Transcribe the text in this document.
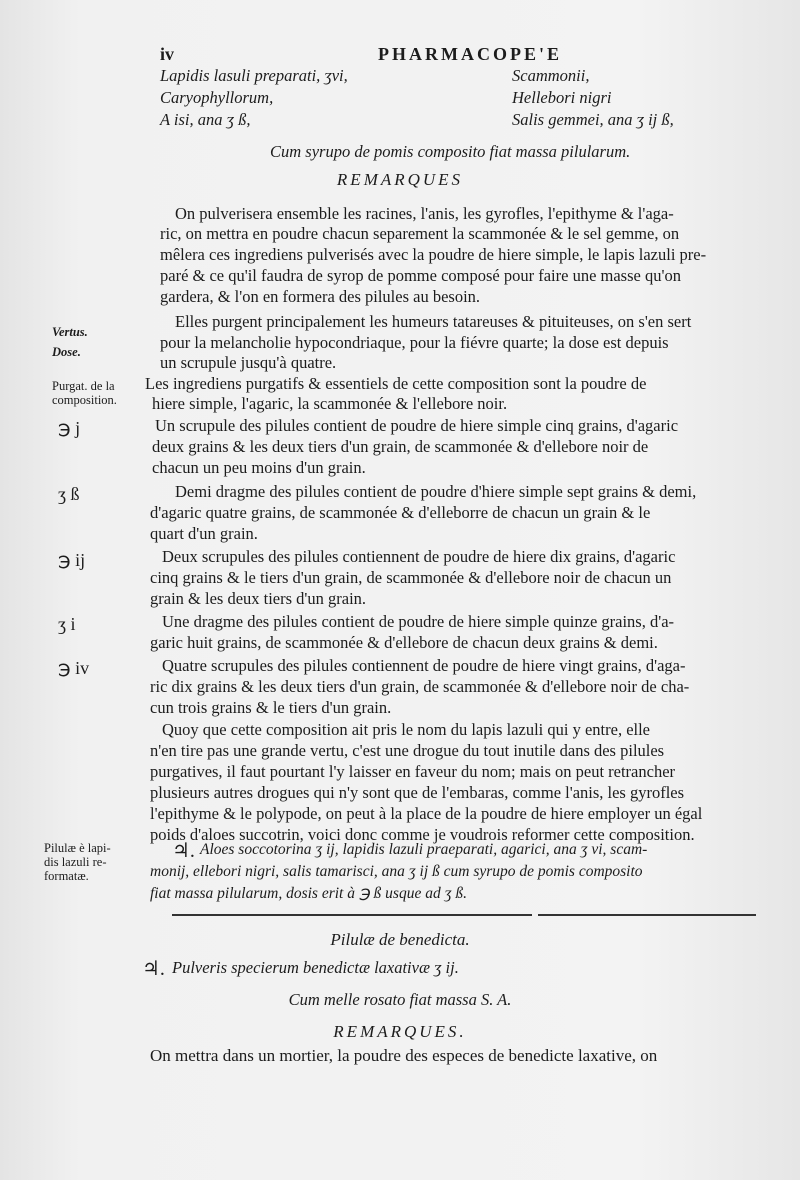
iv	PHARMACOPE'E
Lapidis lasuli preparati, ʒvi,	Scammonii,
Caryophyllorum,	Hellebori nigri
A isi, ana ʒ ß,	Salis gemmei, ana ʒ ij ß,
Cum syrupo de pomis composito fiat massa pilularum.
REMARQUES
On pulverisera ensemble les racines, l'anis, les gyrofles, l'epithyme & l'aga-
ric, on mettra en poudre chacun separement la scammonée & le sel gemme, on
mêlera ces ingrediens pulverisés avec la poudre de hiere simple, le lapis lazuli pre-
paré & ce qu'il faudra de syrop de pomme composé pour faire une masse qu'on
gardera, & l'on en formera des pilules au besoin.
Elles purgent principalement les humeurs tatareuses & pituiteuses, on s'en sert
pour la melancholie hypocondriaque, pour la fiévre quarte; la dose est depuis
un scrupule jusqu'à quatre.
Les ingrediens purgatifs & essentiels de cette composition sont la poudre de
hiere simple, l'agaric, la scammonée & l'ellebore noir.
Un scrupule des pilules contient de poudre de hiere simple cinq grains, d'agaric
deux grains & les deux tiers d'un grain, de scammonée & d'ellebore noir de
chacun un peu moins d'un grain.
Demi dragme des pilules contient de poudre d'hiere simple sept grains & demi,
d'agaric quatre grains, de scammonée & d'elleborre de chacun un grain & le
quart d'un grain.
Deux scrupules des pilules contiennent de poudre de hiere dix grains, d'agaric
cinq grains & le tiers d'un grain, de scammonée & d'ellebore noir de chacun un
grain & les deux tiers d'un grain.
Une dragme des pilules contient de poudre de hiere simple quinze grains, d'a-
garic huit grains, de scammonée & d'ellebore de chacun deux grains & demi.
Quatre scrupules des pilules contiennent de poudre de hiere vingt grains, d'aga-
ric dix grains & les deux tiers d'un grain, de scammonée & d'ellebore noir de cha-
cun trois grains & le tiers d'un grain.
Quoy que cette composition ait pris le nom du lapis lazuli qui y entre, elle
n'en tire pas une grande vertu, c'est une drogue du tout inutile dans des pilules
purgatives, il faut pourtant l'y laisser en faveur du nom; mais on peut retrancher
plusieurs autres drogues qui n'y sont que de l'embaras, comme l'anis, les gyrofles
l'epithyme & le polypode, on peut à la place de la poudre de hiere employer un égal
poids d'aloes succotrin, voici donc comme je voudrois reformer cette composition.
♃. Aloes soccotorina ʒ ij, lapidis lazuli praeparati, agarici, ana ʒ vi, scam-
monij, ellebori nigri, salis tamarisci, ana ʒ ij ß cum syrupo de pomis composito
fiat massa pilularum, dosis erit à ℈ ß usque ad ʒ ß.
Pilulæ de benedicta.
♃. Pulveris specierum benedictæ laxativæ ʒ ij.
Cum melle rosato fiat massa S. A.
REMARQUES.
On mettra dans un mortier, la poudre des especes de benedicte laxative, on
Vertus.
Dose.
Purgat. de la
composition.
Pilulæ è lapi-
dis lazuli re-
formatæ.
℈ j
ʒ ß
℈ ij
ʒ i
℈ iv
